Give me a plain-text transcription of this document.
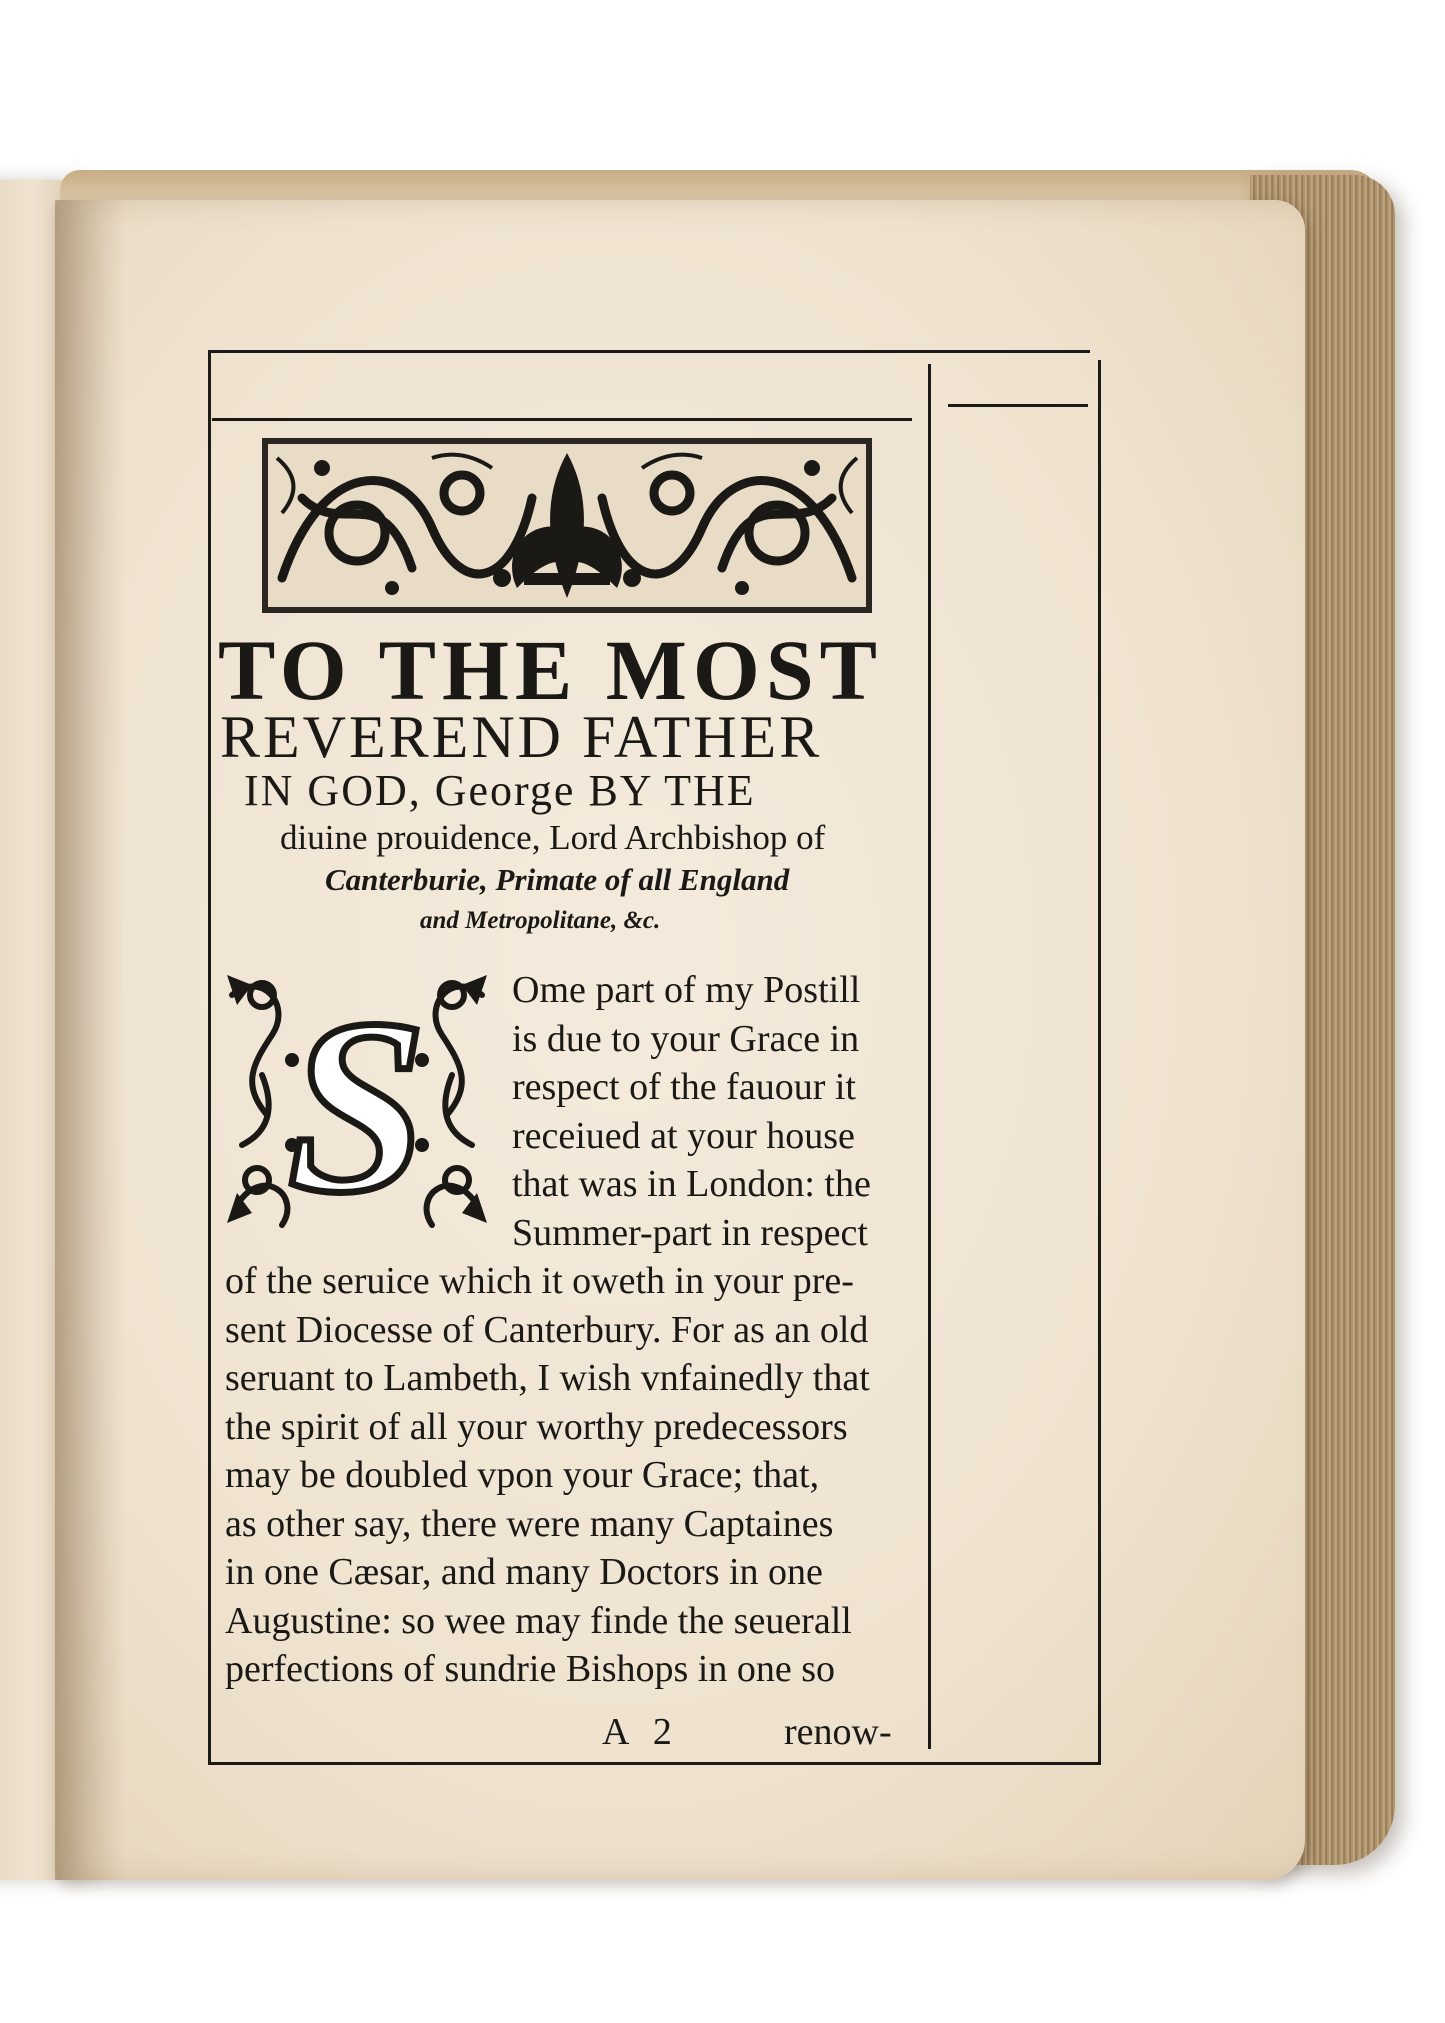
TO THE MOST
REVEREND FATHER
IN GOD, George BY THE
diuine prouidence, Lord Archbishop of
Canterburie, Primate of all England
and Metropolitane, &c.
S Ome part of my Postill
is due to your Grace in
respect of the fauour it
receiued at your house
that was in London: the
Summer-part in respect
of the seruice which it oweth in your pre-
sent Diocesse of Canterbury. For as an old
seruant to Lambeth, I wish vnfainedly that
the spirit of all your worthy predecessors
may be doubled vpon your Grace; that,
as other say, there were many Captaines
in one Cæsar, and many Doctors in one
Augustine: so wee may finde the seuerall
perfections of sundrie Bishops in one so
A 2	renow-
